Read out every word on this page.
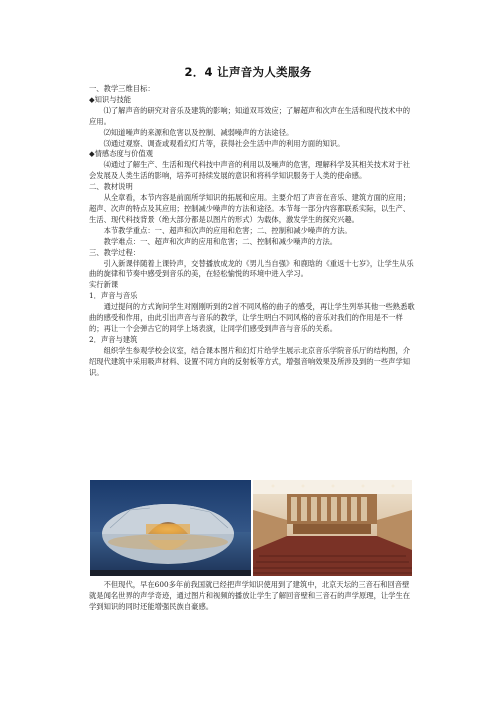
2．4 让声音为人类服务

一、教学三维目标：

◆知识与技能

⑴了解声音的研究对音乐及建筑的影响；知道双耳效应；了解超声和次声在生活和现代技术中的应用。

⑵知道噪声的来源和危害以及控制、减弱噪声的方法途径。

⑶通过观察、调查或观看幻灯片等，获得社会生活中声的利用方面的知识。

◆情感态度与价值观

⑷通过了解生产、生活和现代科技中声音的利用以及噪声的危害，理解科学及其相关技术对于社会发展及人类生活的影响，培养可持续发展的意识和将科学知识服务于人类的使命感。

二、教材说明

从全章看，本节内容是前面所学知识的拓展和应用。主要介绍了声音在音乐、建筑方面的应用；超声、次声的特点及其应用；控制减少噪声的方法和途径。本节每一部分内容都联系实际，以生产、生活、现代科技背景（绝大部分都是以图片的形式）为载体，激发学生的探究兴趣。

本节教学重点：一、超声和次声的应用和危害；二、控制和减少噪声的方法。

教学难点：一、超声和次声的应用和危害；二、控制和减少噪声的方法。

三、教学过程：

引入新课伴随着上课铃声，交替播放成龙的《男儿当自强》和鹿晗的《重返十七岁》，让学生从乐曲的旋律和节奏中感受到音乐的美，在轻松愉悦的环境中进入学习。

实行新课

1．声音与音乐

通过提问的方式询问学生对刚刚听到的2首不同风格的曲子的感受，再让学生列举其他一些熟悉歌曲的感受和作用，由此引出声音与音乐的教学，让学生明白不同风格的音乐对我们的作用是不一样的；再让一个会弹古它的同学上场表演，让同学们感受到声音与音乐的关系。

2．声音与建筑

组织学生参观学校会议室，结合课本图片和幻灯片给学生展示北京音乐学院音乐厅的结构图，介绍现代建筑中采用吸声材料、设置不同方向的反射板等方式，增强音响效果及所涉及到的一些声学知识。

不但现代，早在600多年前我国就已经把声学知识使用到了建筑中，北京天坛的三音石和回音壁就是闻名世界的声学奇迹，通过图片和视频的播放让学生了解回音壁和三音石的声学原理，让学生在学到知识的同时还能增强民族自豪感。
